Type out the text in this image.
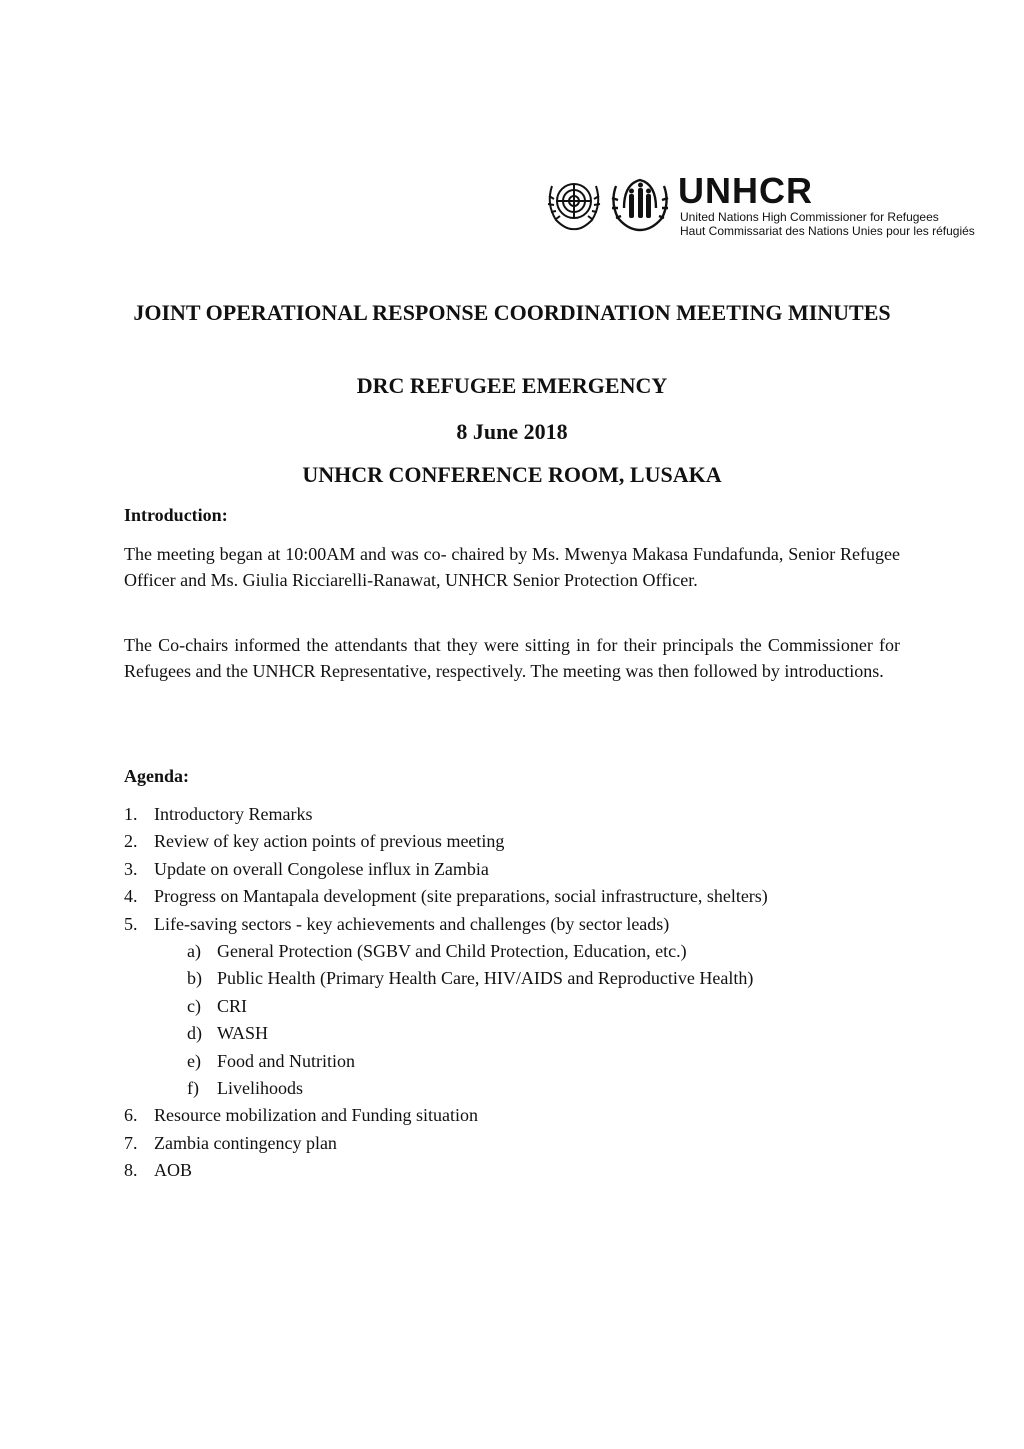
UNHCR
United Nations High Commissioner for Refugees
Haut Commissariat des Nations Unies pour les réfugiés
JOINT OPERATIONAL RESPONSE COORDINATION MEETING MINUTES
DRC REFUGEE EMERGENCY
8 June 2018
UNHCR CONFERENCE ROOM, LUSAKA
Introduction:

The meeting began at 10:00AM and was co- chaired by Ms. Mwenya Makasa Fundafunda, Senior Refugee Officer and Ms. Giulia Ricciarelli-Ranawat, UNHCR Senior Protection Officer.

The Co-chairs informed the attendants that they were sitting in for their principals the Commissioner for Refugees and the UNHCR Representative, respectively. The meeting was then followed by introductions.

Agenda:
1. Introductory Remarks
2. Review of key action points of previous meeting
3. Update on overall Congolese influx in Zambia
4. Progress on Mantapala development (site preparations, social infrastructure, shelters)
5. Life-saving sectors - key achievements and challenges (by sector leads)
a) General Protection (SGBV and Child Protection, Education, etc.)
b) Public Health (Primary Health Care, HIV/AIDS and Reproductive Health)
c) CRI
d) WASH
e) Food and Nutrition
f) Livelihoods
6. Resource mobilization and Funding situation
7. Zambia contingency plan
8. AOB
